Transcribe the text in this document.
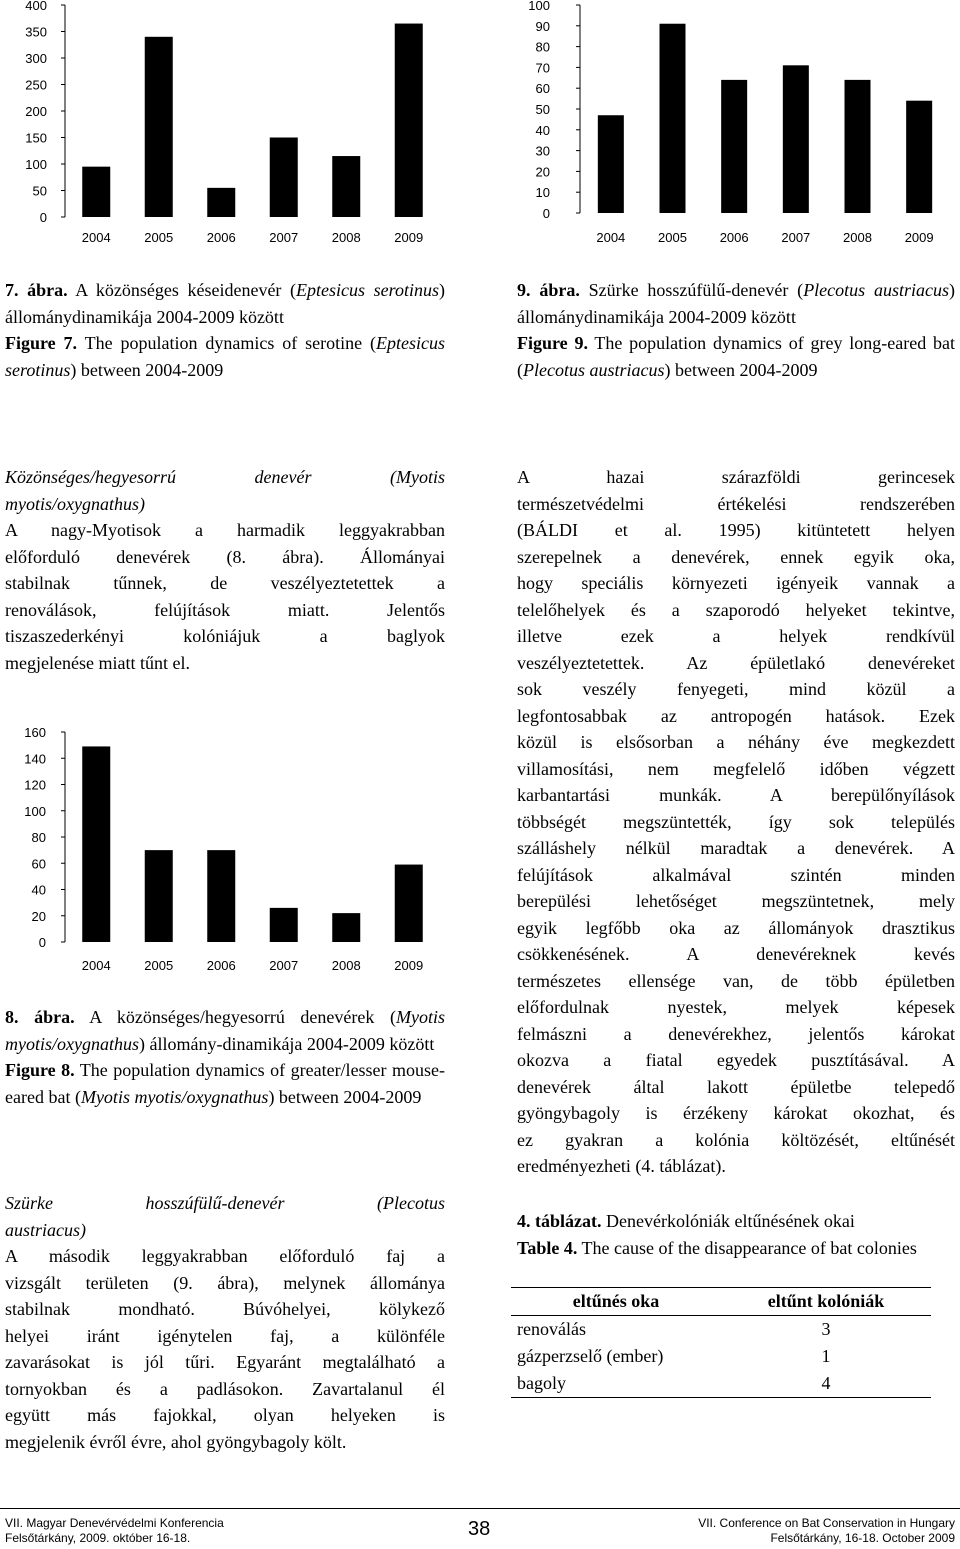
0
50
100
150
200
250
300
350
400
2004	2005	2006	2007	2008	2009
0
10
20
30
40
50
60
70
80
90
100
2004	2005	2006	2007	2008	2009
0
20
40
60
80
100
120
140
160
2004	2005	2006	2007	2008	2009
7. ábra. A közönséges késeidenevér (Eptesicus serotinus) állománydinamikája 2004-2009 között
Figure 7. The population dynamics of serotine (Eptesicus serotinus) between 2004-2009
9. ábra. Szürke hosszúfülű-denevér (Plecotus austriacus) állománydinamikája 2004-2009 között
Figure 9. The population dynamics of grey long-eared bat (Plecotus austriacus) between 2004-2009
Közönséges/hegyesorrú denevér (Myotis
myotis/oxygnathus)
A nagy-Myotisok a harmadik leggyakrabban
előforduló denevérek (8. ábra). Állományai
stabilnak tűnnek, de veszélyeztetettek a
renoválások, felújítások miatt. Jelentős
tiszaszederkényi kolóniájuk a baglyok
megjelenése miatt tűnt el.
8. ábra. A közönséges/hegyesorrú denevérek (Myotis myotis/oxygnathus) állomány-dinamikája 2004-2009 között
Figure 8. The population dynamics of greater/lesser mouse-eared bat (Myotis myotis/oxygnathus) between 2004-2009
Szürke hosszúfülű-denevér (Plecotus
austriacus)
A második leggyakrabban előforduló faj a
vizsgált területen (9. ábra), melynek állománya
stabilnak mondható. Búvóhelyei, kölykező
helyei iránt igénytelen faj, a különféle
zavarásokat is jól tűri. Egyaránt megtalálható a
tornyokban és a padlásokon. Zavartalanul él
együtt más fajokkal, olyan helyeken is
megjelenik évről évre, ahol gyöngybagoly költ.
A hazai szárazföldi gerincesek
természetvédelmi értékelési rendszerében
(BÁLDI et al. 1995) kitüntetett helyen
szerepelnek a denevérek, ennek egyik oka,
hogy speciális környezeti igényeik vannak a
telelőhelyek és a szaporodó helyeket tekintve,
illetve ezek a helyek rendkívül
veszélyeztetettek. Az épületlakó denevéreket
sok veszély fenyegeti, mind közül a
legfontosabbak az antropogén hatások. Ezek
közül is elsősorban a néhány éve megkezdett
villamosítási, nem megfelelő időben végzett
karbantartási munkák. A berepülőnyílások
többségét megszüntették, így sok település
szálláshely nélkül maradtak a denevérek. A
felújítások alkalmával szintén minden
berepülési lehetőséget megszüntetnek, mely
egyik legfőbb oka az állományok drasztikus
csökkenésének. A denevéreknek kevés
természetes ellensége van, de több épületben
előfordulnak nyestek, melyek képesek
felmászni a denevérekhez, jelentős károkat
okozva a fiatal egyedek pusztításával. A
denevérek által lakott épületbe telepedő
gyöngybagoly is érzékeny károkat okozhat, és
ez gyakran a kolónia költözését, eltűnését
eredményezheti (4. táblázat).
4. táblázat. Denevérkolóniák eltűnésének okai
Table 4. The cause of the disappearance of bat colonies
eltűnés oka	eltűnt kolóniák
renoválás	3
gázperzselő (ember)	1
bagoly	4
VII. Magyar Denevérvédelmi Konferencia
Felsőtárkány, 2009. október 16-18.	38	VII. Conference on Bat Conservation in Hungary
Felsőtárkány, 16-18. October 2009
